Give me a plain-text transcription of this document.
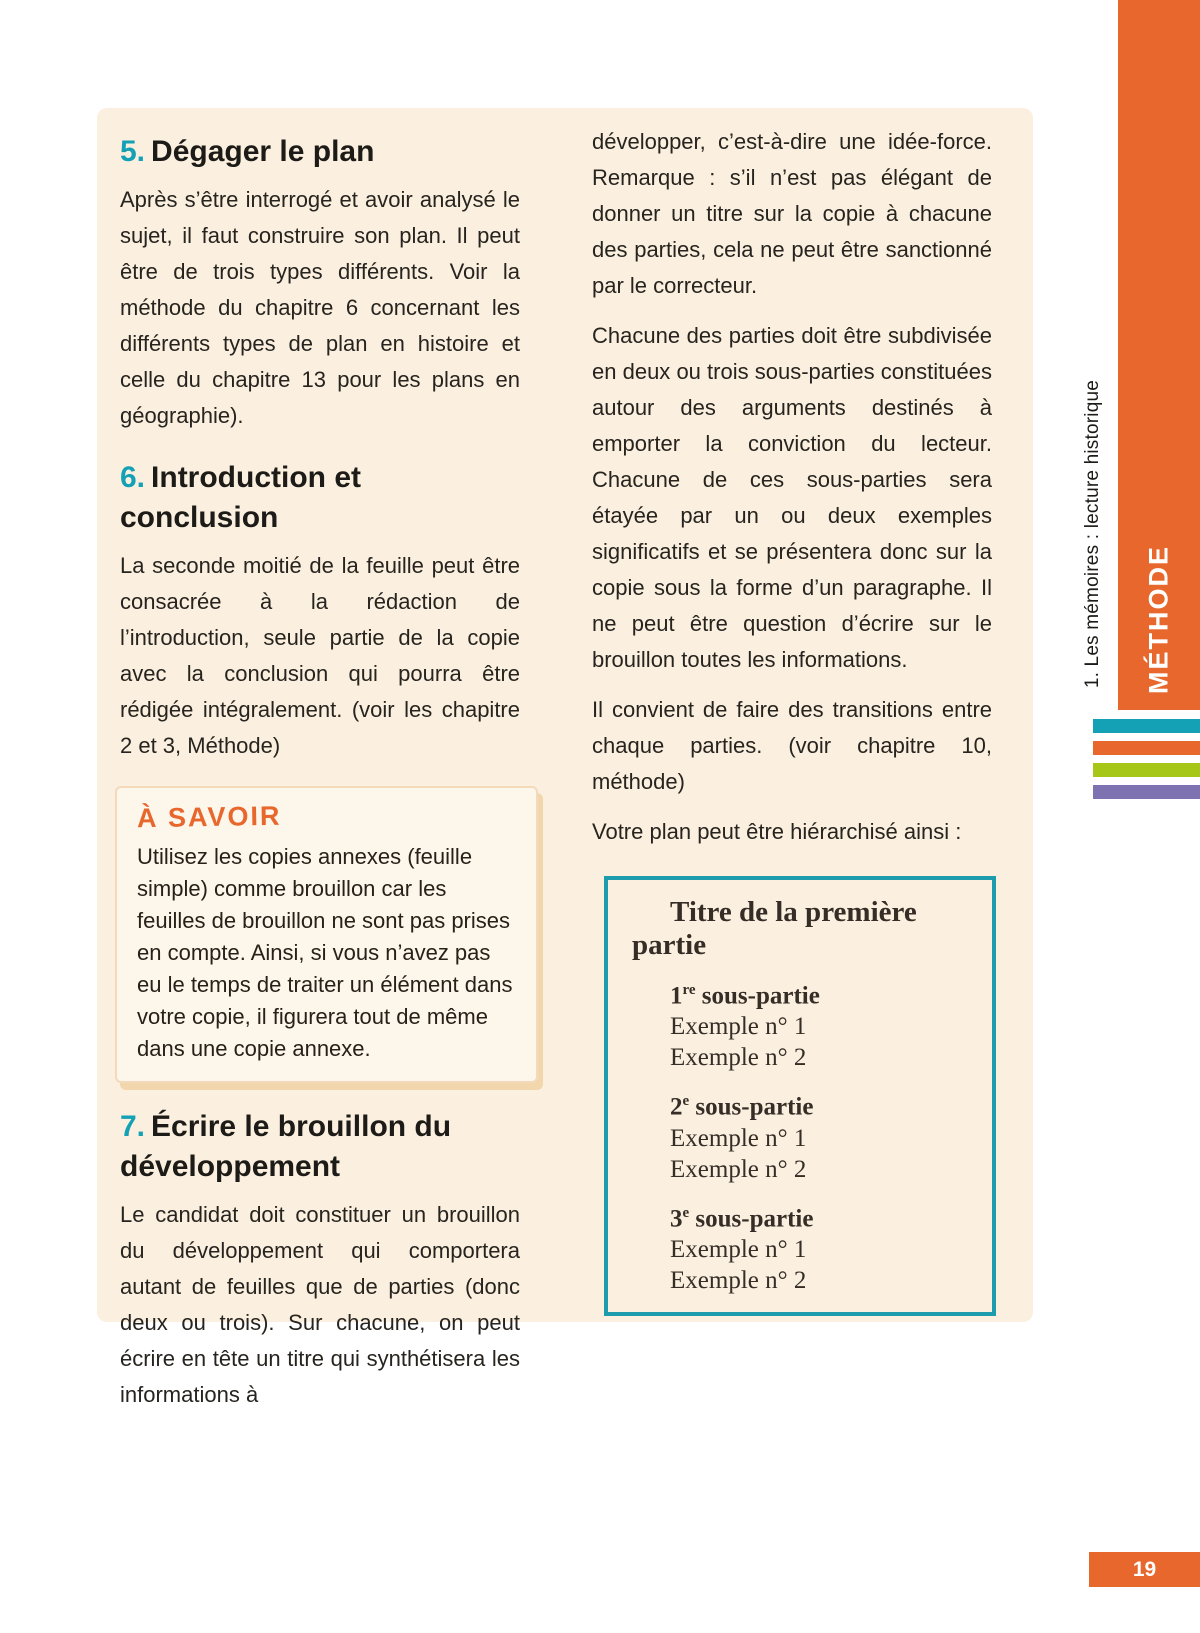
MÉTHODE
1. Les mémoires : lecture historique
19
5. Dégager le plan

Après s’être interrogé et avoir analysé le sujet, il faut construire son plan. Il peut être de trois types différents. Voir la méthode du chapitre 6 concernant les différents types de plan en histoire et celle du chapitre 13 pour les plans en géographie).

6. Introduction et conclusion

La seconde moitié de la feuille peut être consacrée à la rédaction de l’introduction, seule partie de la copie avec la conclusion qui pourra être rédigée intégralement. (voir les chapitre 2 et 3, Méthode)

À SAVOIR

Utilisez les copies annexes (feuille simple) comme brouillon car les feuilles de brouillon ne sont pas prises en compte. Ainsi, si vous n’avez pas eu le temps de traiter un élément dans votre copie, il figurera tout de même dans une copie annexe.

7. Écrire le brouillon du développement

Le candidat doit constituer un brouillon du développement qui comportera autant de feuilles que de parties (donc deux ou trois). Sur chacune, on peut écrire en tête un titre qui synthétisera les informations à

développer, c’est-à-dire une idée-force. Remarque : s’il n’est pas élégant de donner un titre sur la copie à chacune des parties, cela ne peut être sanctionné par le correcteur.

Chacune des parties doit être subdivisée en deux ou trois sous-parties constituées autour des arguments destinés à emporter la conviction du lecteur. Chacune de ces sous-parties sera étayée par un ou deux exemples significatifs et se présentera donc sur la copie sous la forme d’un paragraphe. Il ne peut être question d’écrire sur le brouillon toutes les informations.

Il convient de faire des transitions entre chaque parties. (voir chapitre 10, méthode)

Votre plan peut être hiérarchisé ainsi :

Titre de la première partie

1re sous-partie
Exemple n° 1
Exemple n° 2
2e sous-partie
Exemple n° 1
Exemple n° 2
3e sous-partie
Exemple n° 1
Exemple n° 2
